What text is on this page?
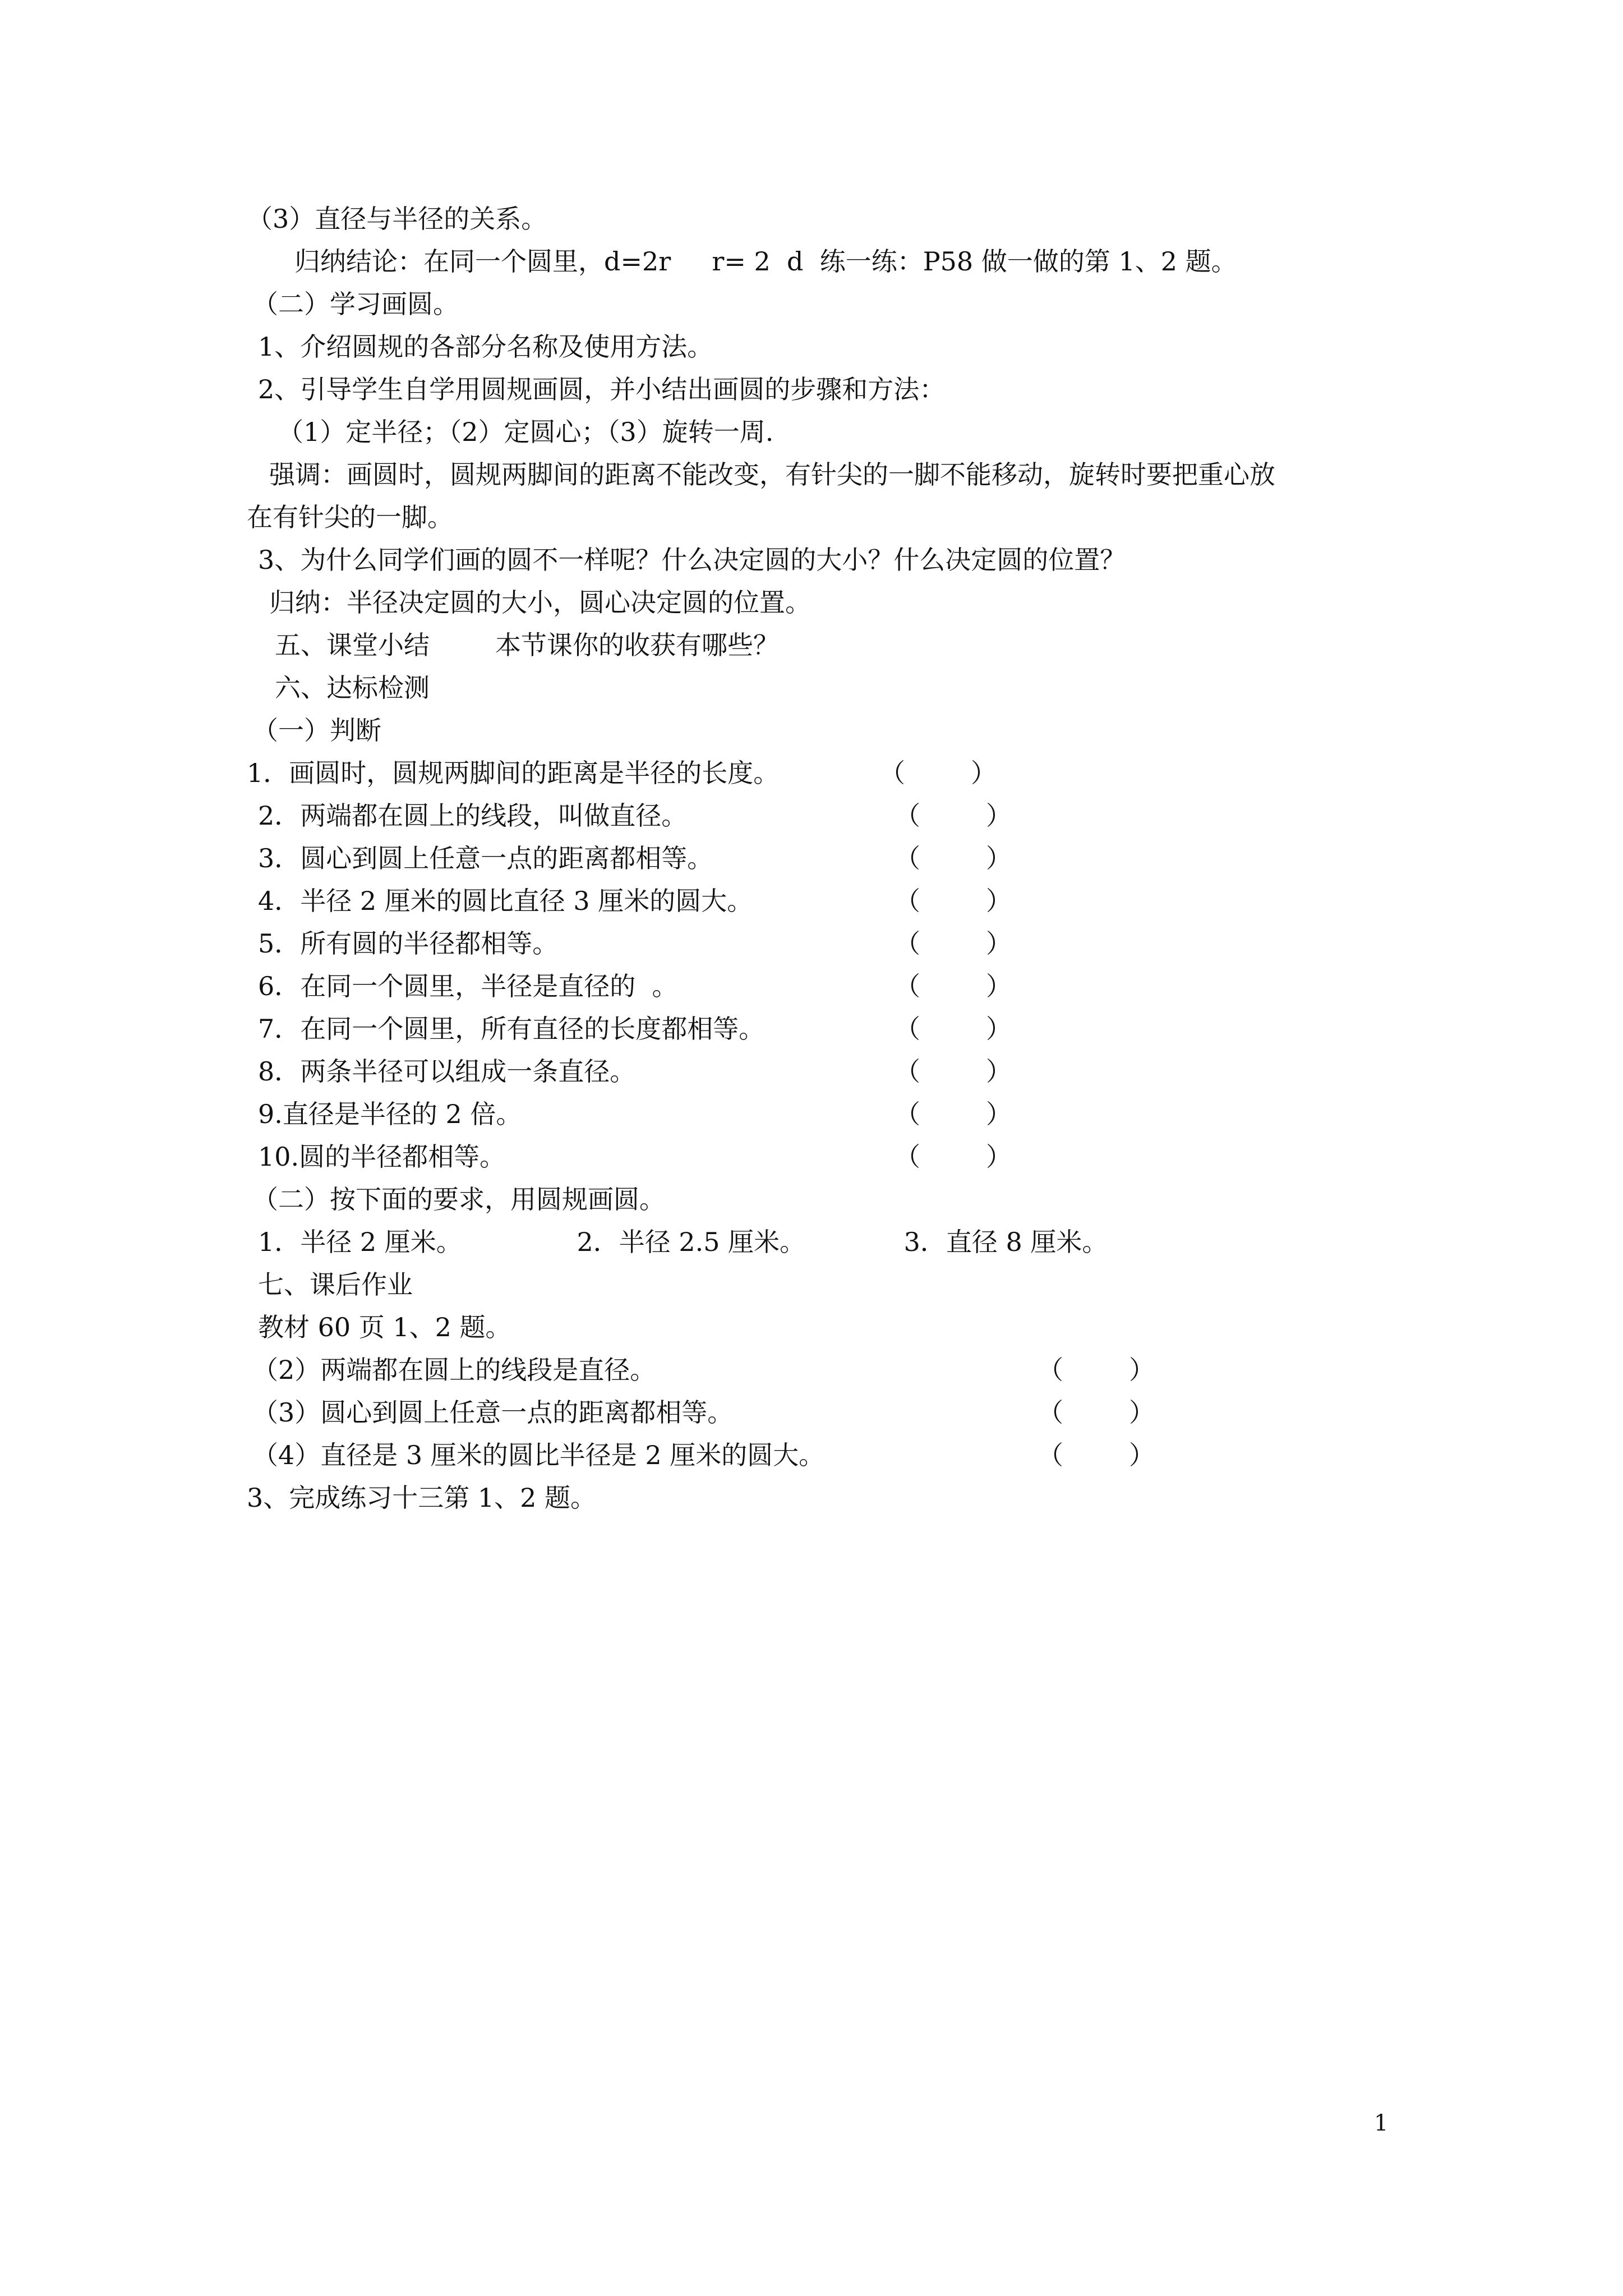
（3）直径与半径的关系。
归纳结论：在同一个圆里，d=2r     r= 2  d  练一练：P58 做一做的第 1、2 题。
（二）学习画圆。
1、介绍圆规的各部分名称及使用方法。
2、引导学生自学用圆规画圆，并小结出画圆的步骤和方法：
（1）定半径；（2）定圆心；（3）旋转一周.
强调：画圆时，圆规两脚间的距离不能改变，有针尖的一脚不能移动，旋转时要把重心放
在有针尖的一脚。
3、为什么同学们画的圆不一样呢？什么决定圆的大小？什么决定圆的位置？
归纳：半径决定圆的大小，圆心决定圆的位置。
五、课堂小结        本节课你的收获有哪些？
六、达标检测
（一）判断
1．画圆时，圆规两脚间的距离是半径的长度。	（        ）
2．两端都在圆上的线段，叫做直径。	（        ）
3．圆心到圆上任意一点的距离都相等。	（        ）
4．半径 2 厘米的圆比直径 3 厘米的圆大。	（        ）
5．所有圆的半径都相等。	（        ）
6．在同一个圆里，半径是直径的  。	（        ）
7．在同一个圆里，所有直径的长度都相等。	（        ）
8．两条半径可以组成一条直径。	（        ）
9.直径是半径的 2 倍。	（        ）
10.圆的半径都相等。	（        ）
（二）按下面的要求，用圆规画圆。
1．半径 2 厘米。              2．半径 2.5 厘米。            3．直径 8 厘米。
七、课后作业
教材 60 页 1、2 题。
（2）两端都在圆上的线段是直径。	（        ）
（3）圆心到圆上任意一点的距离都相等。	（        ）
（4）直径是 3 厘米的圆比半径是 2 厘米的圆大。	（        ）
3、完成练习十三第 1、2 题。
1
